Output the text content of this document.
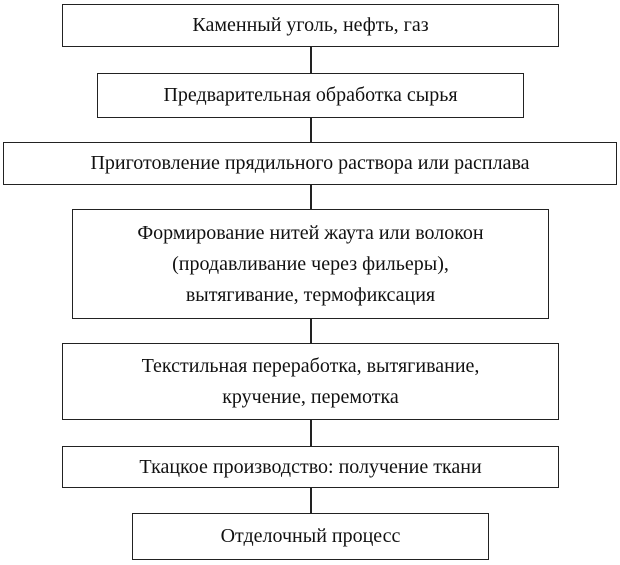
Каменный уголь, нефть, газ
Предварительная обработка сырья
Приготовление прядильного раствора или расплава
Формирование нитей жаута или волокон
(продавливание через фильеры),
вытягивание, термофиксация
Текстильная переработка, вытягивание,
кручение, перемотка
Ткацкое производство: получение ткани
Отделочный процесс
